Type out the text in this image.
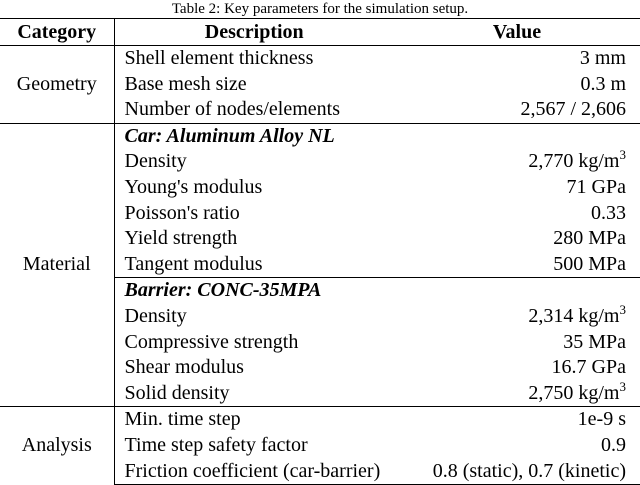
Table 2: Key parameters for the simulation setup.
Category	Description	Value
Geometry	Shell element thickness	3 mm
	Base mesh size	0.3 m
	Number of nodes/elements	2,567 / 2,606
Material	Car: Aluminum Alloy NL	
	Density	2,770 $kg/m^3$
	Young's modulus	71 GPa
	Poisson's ratio	0.33
	Yield strength	280 MPa
	Tangent modulus	500 MPa
	Barrier: CONC-35MPA	
	Density	2,314 $kg/m^3$
	Compressive strength	35 MPa
	Shear modulus	16.7 GPa
	Solid density	2,750 $kg/m^3$
Analysis	Min. time step	1e-9 s
	Time step safety factor	0.9
	Friction coefficient (car-barrier)	0.8 (static), 0.7 (kinetic)
